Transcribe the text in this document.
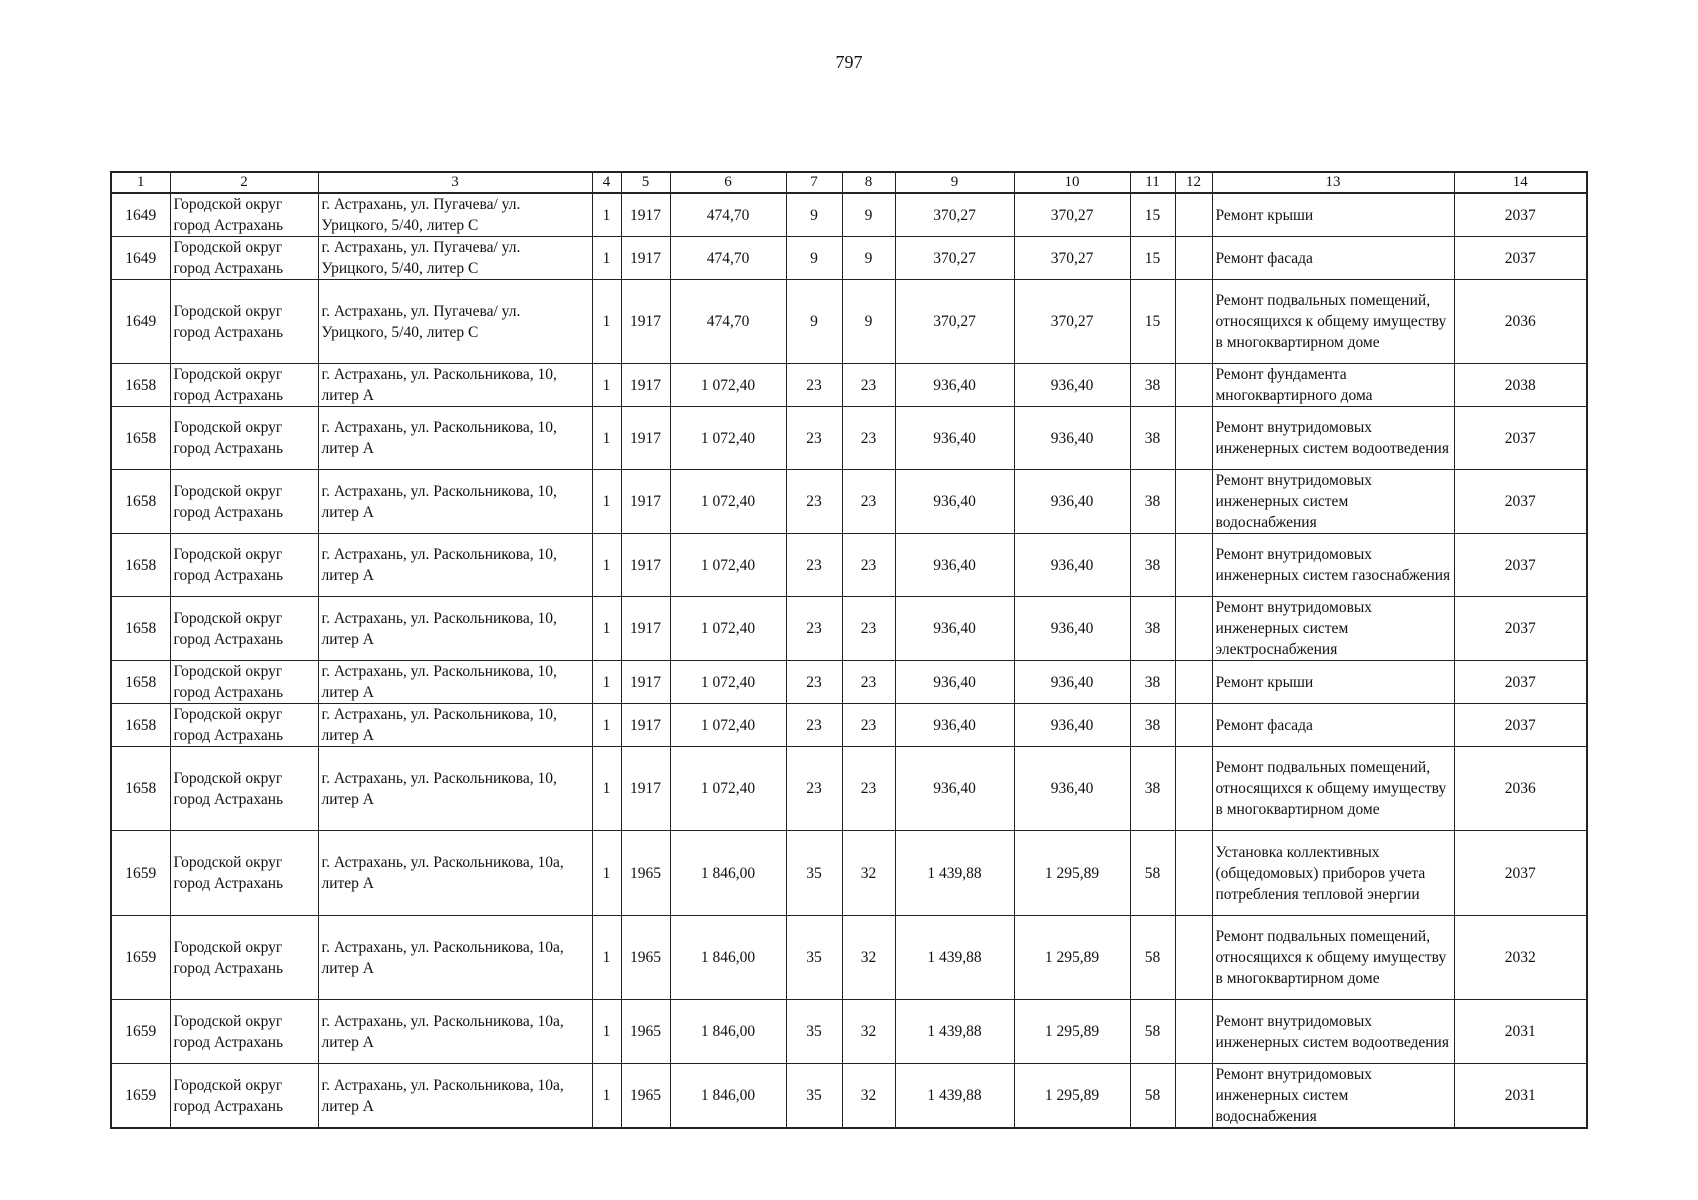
797
1	2	3	4	5	6	7	8	9	10	11	12	13	14
1649	Городской округ город Астрахань	г. Астрахань, ул. Пугачева/ ул. Урицкого, 5/40, литер С	1	1917	474,70	9	9	370,27	370,27	15		Ремонт крыши	2037
1649	Городской округ город Астрахань	г. Астрахань, ул. Пугачева/ ул. Урицкого, 5/40, литер С	1	1917	474,70	9	9	370,27	370,27	15		Ремонт фасада	2037
1649	Городской округ город Астрахань	г. Астрахань, ул. Пугачева/ ул. Урицкого, 5/40, литер С	1	1917	474,70	9	9	370,27	370,27	15		Ремонт подвальных помещений, относящихся к общему имуществу в многоквартирном доме	2036
1658	Городской округ город Астрахань	г. Астрахань, ул. Раскольникова, 10, литер А	1	1917	1 072,40	23	23	936,40	936,40	38		Ремонт фундамента многоквартирного дома	2038
1658	Городской округ город Астрахань	г. Астрахань, ул. Раскольникова, 10, литер А	1	1917	1 072,40	23	23	936,40	936,40	38		Ремонт внутридомовых инженерных систем водоотведения	2037
1658	Городской округ город Астрахань	г. Астрахань, ул. Раскольникова, 10, литер А	1	1917	1 072,40	23	23	936,40	936,40	38		Ремонт внутридомовых инженерных систем водоснабжения	2037
1658	Городской округ город Астрахань	г. Астрахань, ул. Раскольникова, 10, литер А	1	1917	1 072,40	23	23	936,40	936,40	38		Ремонт внутридомовых инженерных систем газоснабжения	2037
1658	Городской округ город Астрахань	г. Астрахань, ул. Раскольникова, 10, литер А	1	1917	1 072,40	23	23	936,40	936,40	38		Ремонт внутридомовых инженерных систем электроснабжения	2037
1658	Городской округ город Астрахань	г. Астрахань, ул. Раскольникова, 10, литер А	1	1917	1 072,40	23	23	936,40	936,40	38		Ремонт крыши	2037
1658	Городской округ город Астрахань	г. Астрахань, ул. Раскольникова, 10, литер А	1	1917	1 072,40	23	23	936,40	936,40	38		Ремонт фасада	2037
1658	Городской округ город Астрахань	г. Астрахань, ул. Раскольникова, 10, литер А	1	1917	1 072,40	23	23	936,40	936,40	38		Ремонт подвальных помещений, относящихся к общему имуществу в многоквартирном доме	2036
1659	Городской округ город Астрахань	г. Астрахань, ул. Раскольникова, 10а, литер А	1	1965	1 846,00	35	32	1 439,88	1 295,89	58		Установка коллективных (общедомовых) приборов учета потребления тепловой энергии	2037
1659	Городской округ город Астрахань	г. Астрахань, ул. Раскольникова, 10а, литер А	1	1965	1 846,00	35	32	1 439,88	1 295,89	58		Ремонт подвальных помещений, относящихся к общему имуществу в многоквартирном доме	2032
1659	Городской округ город Астрахань	г. Астрахань, ул. Раскольникова, 10а, литер А	1	1965	1 846,00	35	32	1 439,88	1 295,89	58		Ремонт внутридомовых инженерных систем водоотведения	2031
1659	Городской округ город Астрахань	г. Астрахань, ул. Раскольникова, 10а, литер А	1	1965	1 846,00	35	32	1 439,88	1 295,89	58		Ремонт внутридомовых инженерных систем водоснабжения	2031
